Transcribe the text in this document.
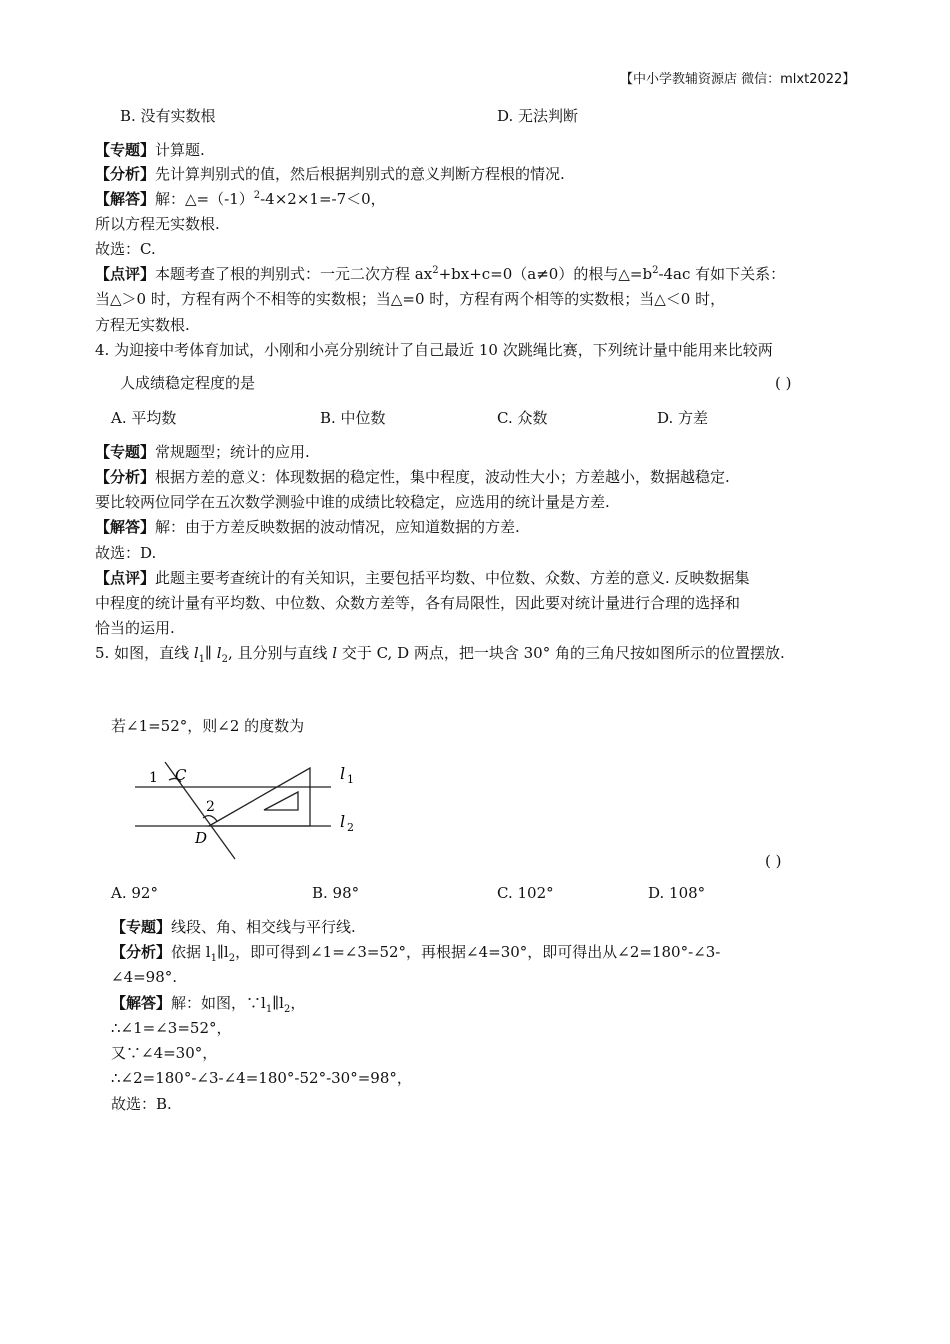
【中小学教辅资源店 微信：mlxt2022】
B. 没有实数根	D. 无法判断
【专题】计算题.
【分析】先计算判别式的值，然后根据判别式的意义判断方程根的情况.
【解答】解：$\triangle=(-1)^2-4\times 2\times 1=-7<0$，
所以方程无实数根.
故选：C.
【点评】本题考查了根的判别式：一元二次方程 $ax^2+bx+c=0(a\ne 0)$的根与$\triangle=b^2-4ac$ 有如下关系：
当△＞0 时，方程有两个不相等的实数根；当△=0 时，方程有两个相等的实数根；当△＜0 时，
方程无实数根.
4. 为迎接中考体育加试，小刚和小亮分别统计了自己最近 10 次跳绳比赛，下列统计量中能用来比较两
人成绩稳定程度的是	( )
A. 平均数	B. 中位数	C. 众数	D. 方差
【专题】常规题型；统计的应用.
【分析】根据方差的意义：体现数据的稳定性，集中程度，波动性大小；方差越小，数据越稳定.
要比较两位同学在五次数学测验中谁的成绩比较稳定，应选用的统计量是方差.
【解答】解：由于方差反映数据的波动情况，应知道数据的方差.
故选：D.
【点评】此题主要考查统计的有关知识，主要包括平均数、中位数、众数、方差的意义. 反映数据集
中程度的统计量有平均数、中位数、众数方差等，各有局限性，因此要对统计量进行合理的选择和
恰当的运用.
5. 如图，直线 $l_1\parallel$ $l_2$, 且分别与直线 l 交于 C, D 两点，把一块含 30° 角的三角尺按如图所示的位置摆放.
若∠1=52°，则∠2 的度数为
1 C
2
D
l 1
l 2
( )
A. 92°	B. 98°	C. 102°	D. 108°
【专题】线段、角、相交线与平行线.
【分析】依据 $l_1\parallel l_2$，即可得到∠1=∠3=52°，再根据∠4=30°，即可得出从∠2=180°-∠3-
∠4=98°.
【解答】解：如图，$\because l_1\parallel l_2$，
∴∠1=∠3=52°，
又∵∠4=30°，
∴∠2=180°-∠3-∠4=180°-52°-30°=98°，
故选：B.
